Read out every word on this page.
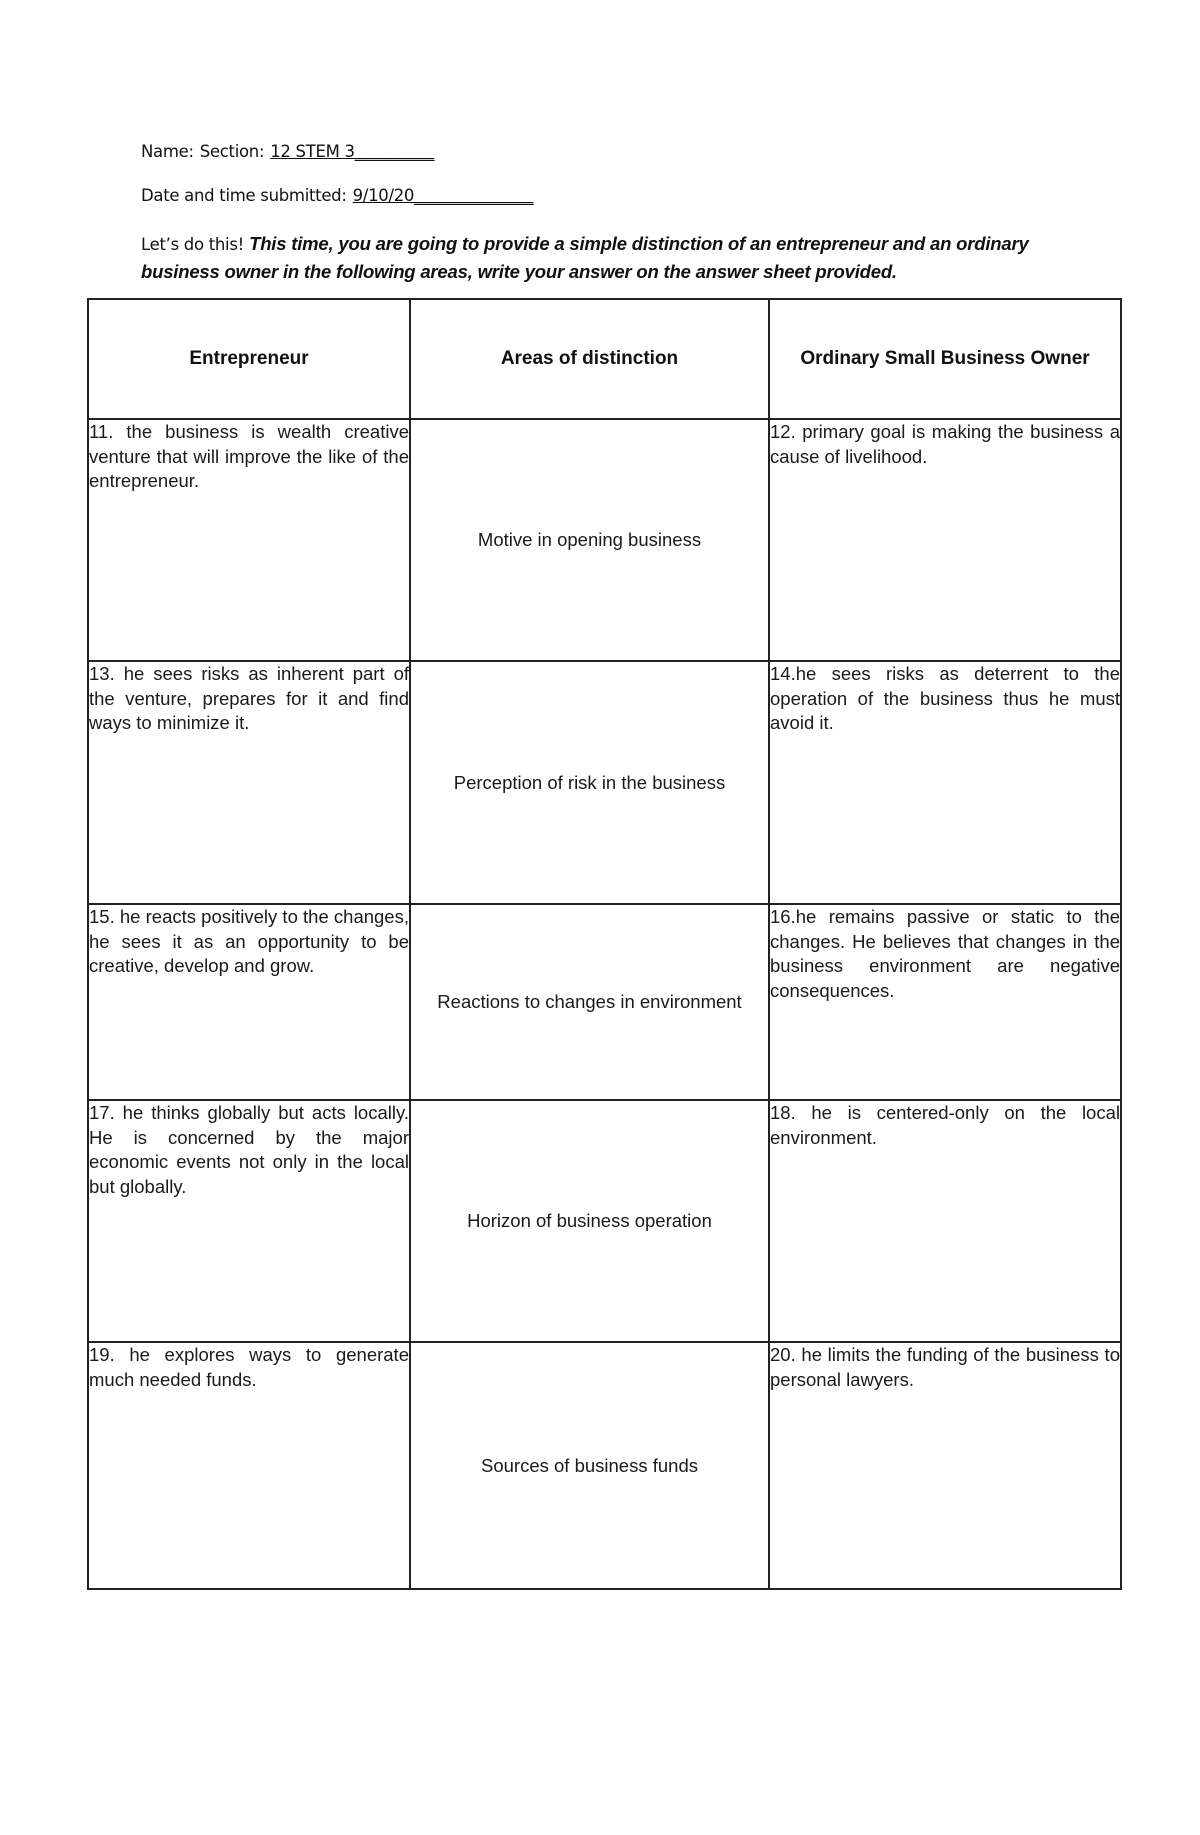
Name: Section: 12 STEM 3__________
Date and time submitted: 9/10/20_______________
Let’s do this! This time, you are going to provide a simple distinction of an entrepreneur and an ordinary business owner in the following areas, write your answer on the answer sheet provided.
Entrepreneur	Areas of distinction	Ordinary Small Business Owner
11. the business is wealth creative venture that will improve the like of the entrepreneur.	Motive in opening business	12. primary goal is making the business a cause of livelihood.
13. he sees risks as inherent part of the venture, prepares for it and find ways to minimize it.	Perception of risk in the business	14.he sees risks as deterrent to the operation of the business thus he must avoid it.
15. he reacts positively to the changes, he sees it as an opportunity to be creative, develop and grow.	Reactions to changes in environment	16.he remains passive or static to the changes. He believes that changes in the business environment are negative consequences.
17. he thinks globally but acts locally. He is concerned by the major economic events not only in the local but globally.	Horizon of business operation	18. he is centered-only on the local environment.
19. he explores ways to generate much needed funds.	Sources of business funds	20. he limits the funding of the business to personal lawyers.
